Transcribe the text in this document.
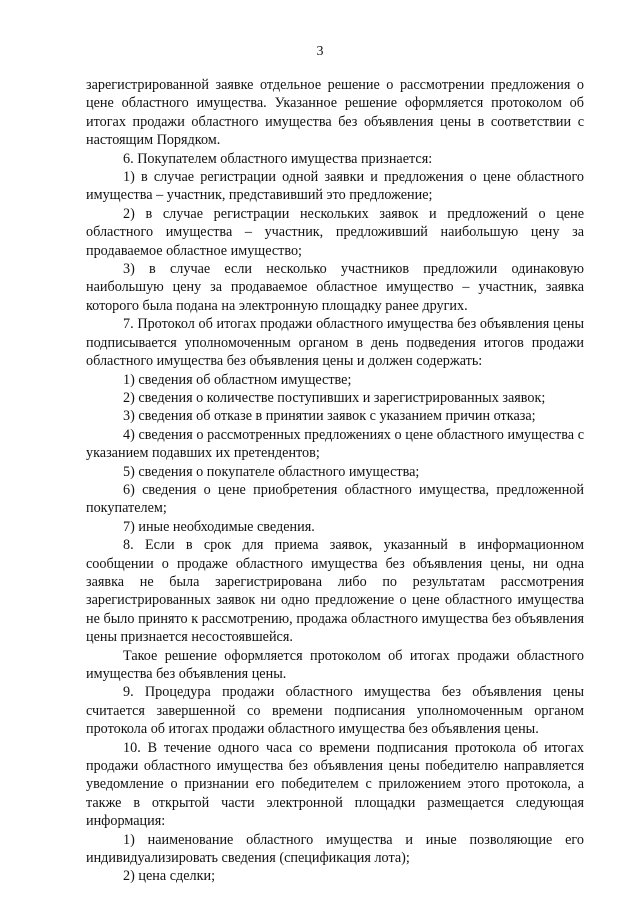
3

зарегистрированной заявке отдельное решение о рассмотрении предложения о цене областного имущества. Указанное решение оформляется протоколом об итогах продажи областного имущества без объявления цены в соответствии с настоящим Порядком.

6. Покупателем областного имущества признается:

1) в случае регистрации одной заявки и предложения о цене областного имущества – участник, представивший это предложение;

2) в случае регистрации нескольких заявок и предложений о цене областного имущества – участник, предложивший наибольшую цену за продаваемое областное имущество;

3) в случае если несколько участников предложили одинаковую наибольшую цену за продаваемое областное имущество – участник, заявка которого была подана на электронную площадку ранее других.

7. Протокол об итогах продажи областного имущества без объявления цены подписывается уполномоченным органом в день подведения итогов продажи областного имущества без объявления цены и должен содержать:

1) сведения об областном имуществе;

2) сведения о количестве поступивших и зарегистрированных заявок;

3) сведения об отказе в принятии заявок с указанием причин отказа;

4) сведения о рассмотренных предложениях о цене областного имущества с указанием подавших их претендентов;

5) сведения о покупателе областного имущества;

6) сведения о цене приобретения областного имущества, предложенной покупателем;

7) иные необходимые сведения.

8. Если в срок для приема заявок, указанный в информационном сообщении о продаже областного имущества без объявления цены, ни одна заявка не была зарегистрирована либо по результатам рассмотрения зарегистрированных заявок ни одно предложение о цене областного имущества не было принято к рассмотрению, продажа областного имущества без объявления цены признается несостоявшейся.

Такое решение оформляется протоколом об итогах продажи областного имущества без объявления цены.

9. Процедура продажи областного имущества без объявления цены считается завершенной со времени подписания уполномоченным органом протокола об итогах продажи областного имущества без объявления цены.

10. В течение одного часа со времени подписания протокола об итогах продажи областного имущества без объявления цены победителю направляется уведомление о признании его победителем с приложением этого протокола, а также в открытой части электронной площадки размещается следующая информация:

1) наименование областного имущества и иные позволяющие его индивидуализировать сведения (спецификация лота);

2) цена сделки;
